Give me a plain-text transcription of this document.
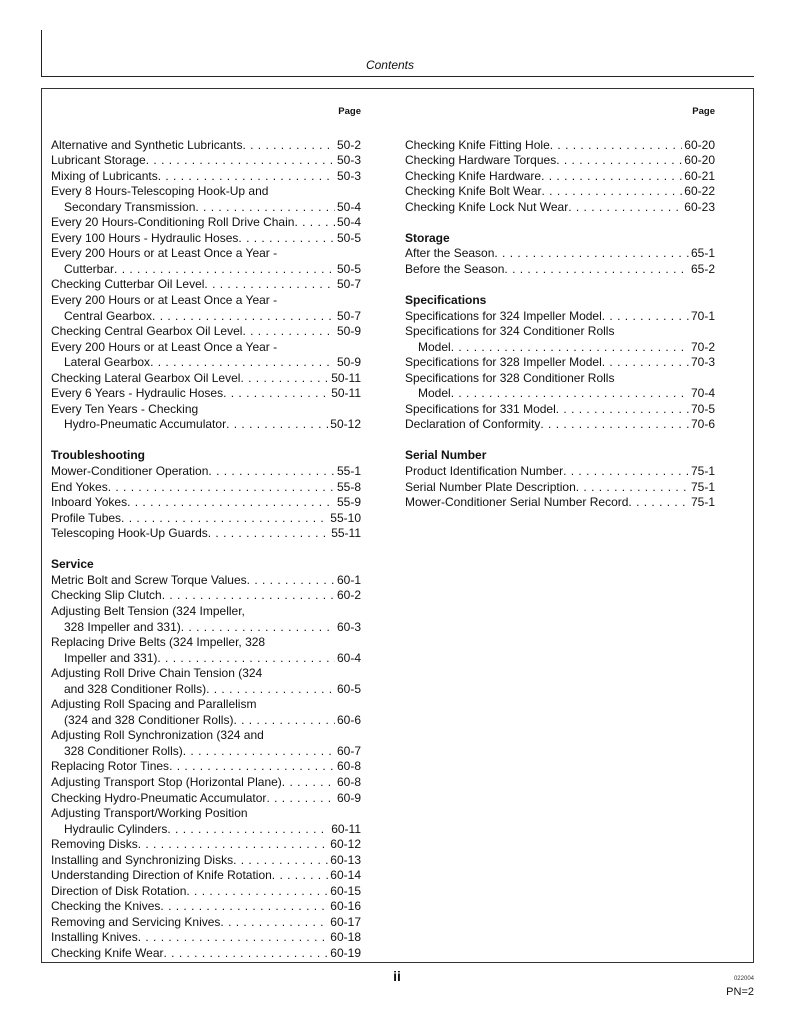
Contents
Page
Alternative and Synthetic Lubricants . . .	50-2
Lubricant Storage . . .	50-3
Mixing of Lubricants . . .	50-3
Every 8 Hours-Telescoping Hook-Up and
Secondary Transmission . . .	50-4
Every 20 Hours-Conditioning Roll Drive Chain . . .	50-4
Every 100 Hours - Hydraulic Hoses . . .	50-5
Every 200 Hours or at Least Once a Year -
Cutterbar . . .	50-5
Checking Cutterbar Oil Level . . .	50-7
Every 200 Hours or at Least Once a Year -
Central Gearbox . . .	50-7
Checking Central Gearbox Oil Level . . .	50-9
Every 200 Hours or at Least Once a Year -
Lateral Gearbox . . .	50-9
Checking Lateral Gearbox Oil Level . . .	50-11
Every 6 Years - Hydraulic Hoses . . .	50-11
Every Ten Years - Checking
Hydro-Pneumatic Accumulator . . .	50-12
Troubleshooting
Mower-Conditioner Operation . . .	55-1
End Yokes . . .	55-8
Inboard Yokes . . .	55-9
Profile Tubes . . .	55-10
Telescoping Hook-Up Guards . . .	55-11
Service
Metric Bolt and Screw Torque Values . . .	60-1
Checking Slip Clutch . . .	60-2
Adjusting Belt Tension (324 Impeller,
328 Impeller and 331) . . .	60-3
Replacing Drive Belts (324 Impeller, 328
Impeller and 331) . . .	60-4
Adjusting Roll Drive Chain Tension (324
and 328 Conditioner Rolls) . . .	60-5
Adjusting Roll Spacing and Parallelism
(324 and 328 Conditioner Rolls) . . .	60-6
Adjusting Roll Synchronization (324 and
328 Conditioner Rolls) . . .	60-7
Replacing Rotor Tines . . .	60-8
Adjusting Transport Stop (Horizontal Plane) . . .	60-8
Checking Hydro-Pneumatic Accumulator . . .	60-9
Adjusting Transport/Working Position
Hydraulic Cylinders . . .	60-11
Removing Disks . . .	60-12
Installing and Synchronizing Disks . . .	60-13
Understanding Direction of Knife Rotation . . .	60-14
Direction of Disk Rotation . . .	60-15
Checking the Knives . . .	60-16
Removing and Servicing Knives . . .	60-17
Installing Knives . . .	60-18
Checking Knife Wear . . .	60-19
Page
Checking Knife Fitting Hole . . .	60-20
Checking Hardware Torques . . .	60-20
Checking Knife Hardware . . .	60-21
Checking Knife Bolt Wear . . .	60-22
Checking Knife Lock Nut Wear . . .	60-23
Storage
After the Season . . .	65-1
Before the Season . . .	65-2
Specifications
Specifications for 324 Impeller Model . . .	70-1
Specifications for 324 Conditioner Rolls
Model . . .	70-2
Specifications for 328 Impeller Model . . .	70-3
Specifications for 328 Conditioner Rolls
Model . . .	70-4
Specifications for 331 Model . . .	70-5
Declaration of Conformity . . .	70-6
Serial Number
Product Identification Number . . .	75-1
Serial Number Plate Description . . .	75-1
Mower-Conditioner Serial Number Record . . .	75-1
ii	022004
PN=2
